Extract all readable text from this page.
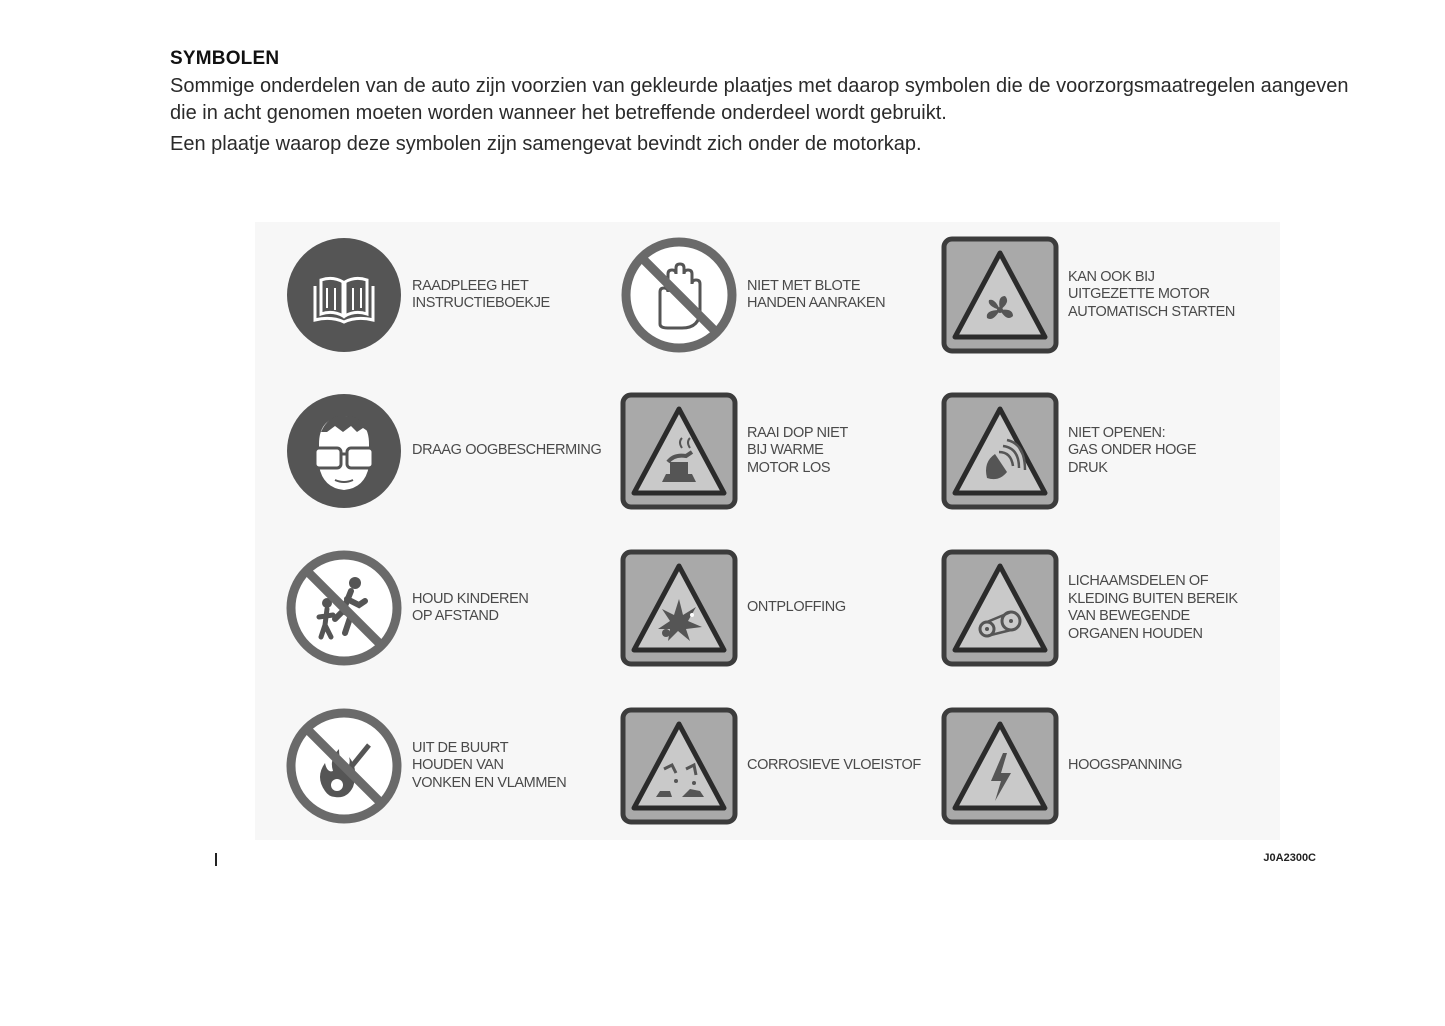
SYMBOLEN

Sommige onderdelen van de auto zijn voorzien van gekleurde plaatjes met daarop symbolen die de voorzorgsmaatregelen aangeven die in acht genomen moeten worden wanneer het betreffende onderdeel wordt gebruikt.

Een plaatje waarop deze symbolen zijn samengevat bevindt zich onder de motorkap.

RAADPLEEG HET
INSTRUCTIEBOEKJE
NIET MET BLOTE
HANDEN AANRAKEN
KAN OOK BIJ
UITGEZETTE MOTOR
AUTOMATISCH STARTEN
DRAAG OOGBESCHERMING
RAAI DOP NIET
BIJ WARME
MOTOR LOS
NIET OPENEN:
GAS ONDER HOGE
DRUK
HOUD KINDEREN
OP AFSTAND
ONTPLOFFING
LICHAAMSDELEN OF
KLEDING BUITEN BEREIK
VAN BEWEGENDE
ORGANEN HOUDEN
UIT DE BUURT
HOUDEN VAN
VONKEN EN VLAMMEN
CORROSIEVE VLOEISTOF	HOOGSPANNING
J0A2300C
